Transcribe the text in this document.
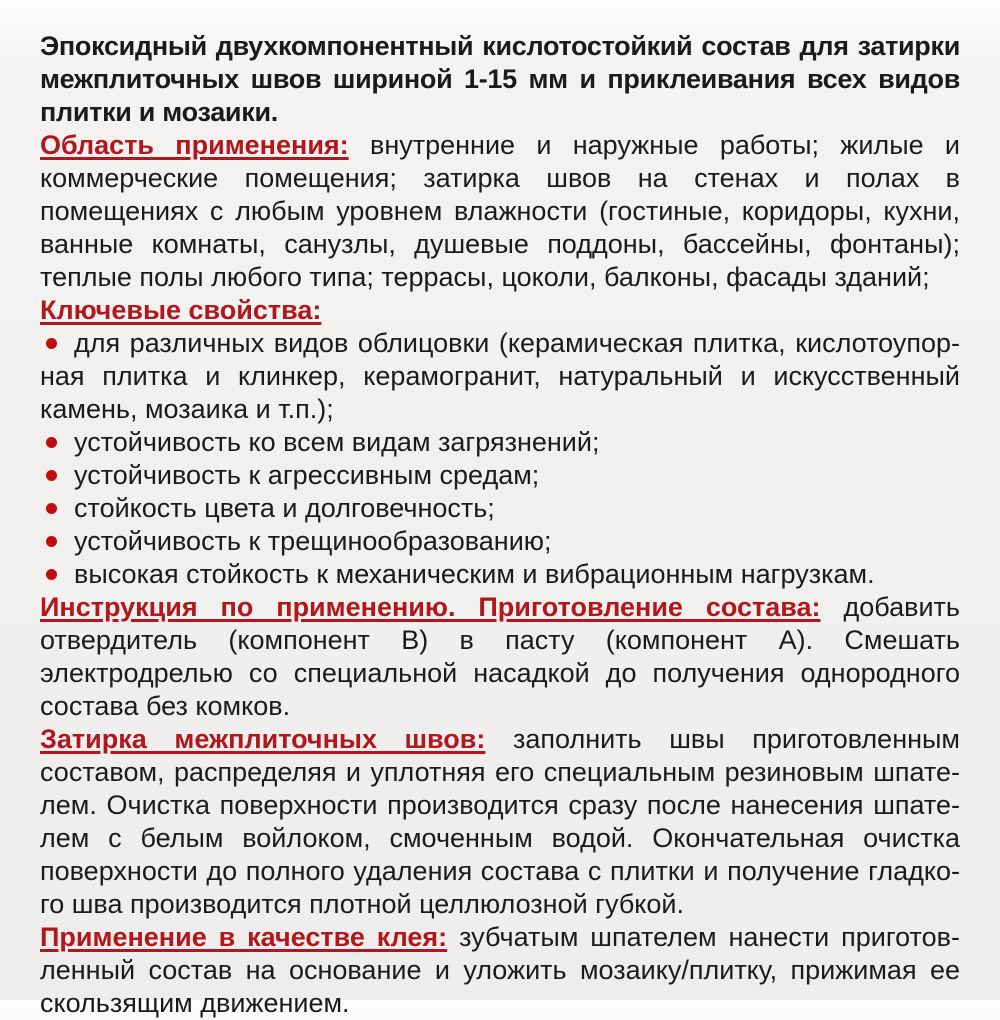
Эпоксидный двухкомпонентный кислотостойкий состав для затирки межплиточных швов шириной 1-15 мм и приклеивания всех видов плитки и мозаики.

Область применения: внутренние и наружные работы; жилые и коммерческие помещения; затирка швов на стенах и полах в помещениях с любым уровнем влажности (гостиные, коридоры, кухни, ванные комнаты, санузлы, душевые поддоны, бассейны, фонтаны); теплые полы любого типа; террасы, цоколи, балконы, фасады зданий;

Ключевые свойства:

для различных видов облицовки (керамическая плитка, кислотоупорная плитка и клинкер, керамогранит, натуральный и искусственный камень, мозаика и т.п.);

устойчивость ко всем видам загрязнений;

устойчивость к агрессивным средам;

стойкость цвета и долговечность;

устойчивость к трещинообразованию;

высокая стойкость к механическим и вибрационным нагрузкам.

Инструкция по применению. Приготовление состава: добавить отвердитель (компонент B) в пасту (компонент A). Смешать электродрелью со специальной насадкой до получения однородного состава без комков.

Затирка межплиточных швов: заполнить швы приготовленным составом, распределяя и уплотняя его специальным резиновым шпателем. Очистка поверхности производится сразу после нанесения шпателем с белым войлоком, смоченным водой. Окончательная очистка поверхности до полного удаления состава с плитки и получение гладкого шва производится плотной целлюлозной губкой.

Применение в качестве клея: зубчатым шпателем нанести приготовленный состав на основание и уложить мозаику/плитку, прижимая ее скользящим движением.
